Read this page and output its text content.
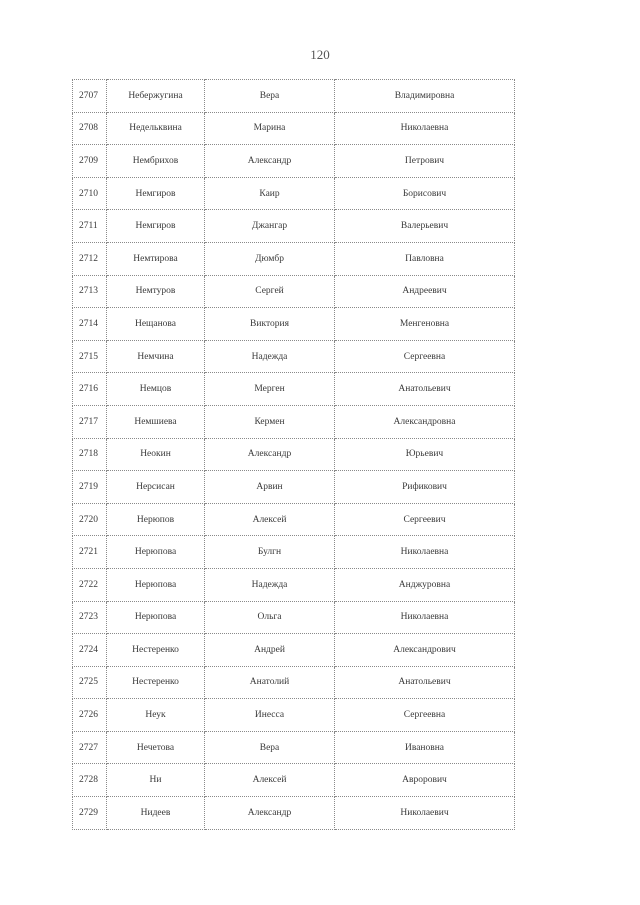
120
2707	Небержугина	Вера	Владимировна
2708	Недельквина	Марина	Николаевна
2709	Нембрихов	Александр	Петрович
2710	Немгиров	Каир	Борисович
2711	Немгиров	Джангар	Валерьевич
2712	Немтирова	Дюмбр	Павловна
2713	Немтуров	Сергей	Андреевич
2714	Нещанова	Виктория	Менгеновна
2715	Немчина	Надежда	Сергеевна
2716	Немцов	Мерген	Анатольевич
2717	Немшиева	Кермен	Александровна
2718	Неокин	Александр	Юрьевич
2719	Нерсисан	Арвин	Рификович
2720	Нерюпов	Алексей	Сергеевич
2721	Нерюпова	Булгн	Николаевна
2722	Нерюпова	Надежда	Анджуровна
2723	Нерюпова	Ольга	Николаевна
2724	Нестеренко	Андрей	Александрович
2725	Нестеренко	Анатолий	Анатольевич
2726	Неук	Инесса	Сергеевна
2727	Нечетова	Вера	Ивановна
2728	Ни	Алексей	Аврорович
2729	Нидеев	Александр	Николаевич
